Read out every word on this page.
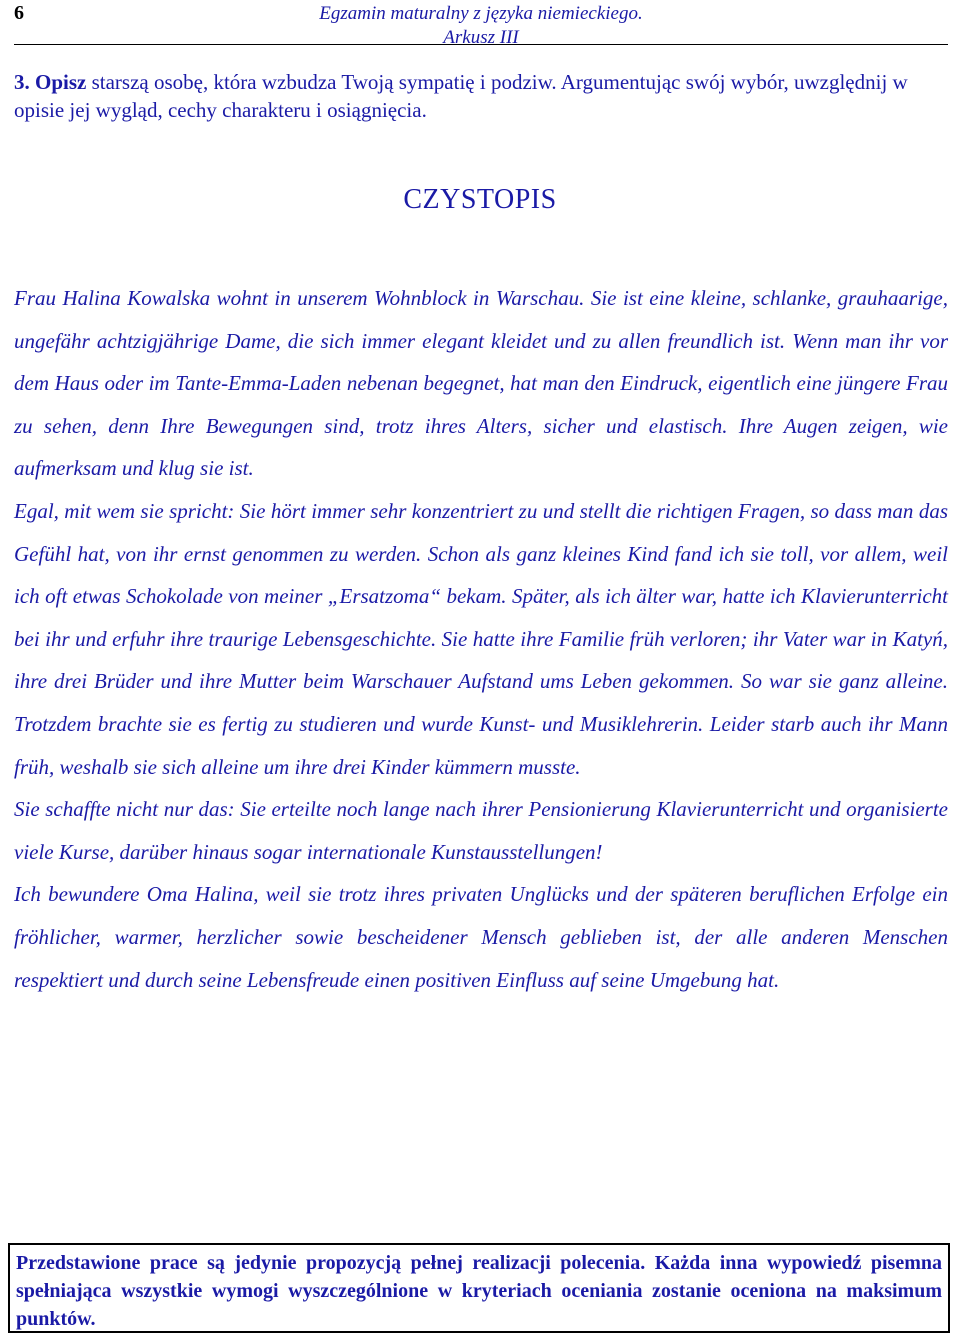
6	Egzamin maturalny z języka niemieckiego.
Arkusz III
3. Opisz starszą osobę, która wzbudza Twoją sympatię i podziw. Argumentując swój wybór, uwzględnij w opisie jej wygląd, cechy charakteru i osiągnięcia.
CZYSTOPIS

Frau Halina Kowalska wohnt in unserem Wohnblock in Warschau. Sie ist eine kleine, schlanke, grauhaarige, ungefähr achtzigjährige Dame, die sich immer elegant kleidet und zu allen freundlich ist. Wenn man ihr vor dem Haus oder im Tante-Emma-Laden nebenan begegnet, hat man den Eindruck, eigentlich eine jüngere Frau zu sehen, denn Ihre Bewegungen sind, trotz ihres Alters, sicher und elastisch. Ihre Augen zeigen, wie aufmerksam und klug sie ist.

Egal, mit wem sie spricht: Sie hört immer sehr konzentriert zu und stellt die richtigen Fragen, so dass man das Gefühl hat, von ihr ernst genommen zu werden. Schon als ganz kleines Kind fand ich sie toll, vor allem, weil ich oft etwas Schokolade von meiner „Ersatzoma“ bekam. Später, als ich älter war, hatte ich Klavierunterricht bei ihr und erfuhr ihre traurige Lebensgeschichte. Sie hatte ihre Familie früh verloren; ihr Vater war in Katyń, ihre drei Brüder und ihre Mutter beim Warschauer Aufstand ums Leben gekommen. So war sie ganz alleine. Trotzdem brachte sie es fertig zu studieren und wurde Kunst- und Musiklehrerin. Leider starb auch ihr Mann früh, weshalb sie sich alleine um ihre drei Kinder kümmern musste.

Sie schaffte nicht nur das: Sie erteilte noch lange nach ihrer Pensionierung Klavierunterricht und organisierte viele Kurse, darüber hinaus sogar internationale Kunstausstellungen!

Ich bewundere Oma Halina, weil sie trotz ihres privaten Unglücks und der späteren beruflichen Erfolge ein fröhlicher, warmer, herzlicher sowie bescheidener Mensch geblieben ist, der alle anderen Menschen respektiert und durch seine Lebensfreude einen positiven Einfluss auf seine Umgebung hat.

Przedstawione prace są jedynie propozycją pełnej realizacji polecenia. Każda inna wypowiedź pisemna spełniająca wszystkie wymogi wyszczególnione w kryteriach oceniania zostanie oceniona na maksimum punktów.
